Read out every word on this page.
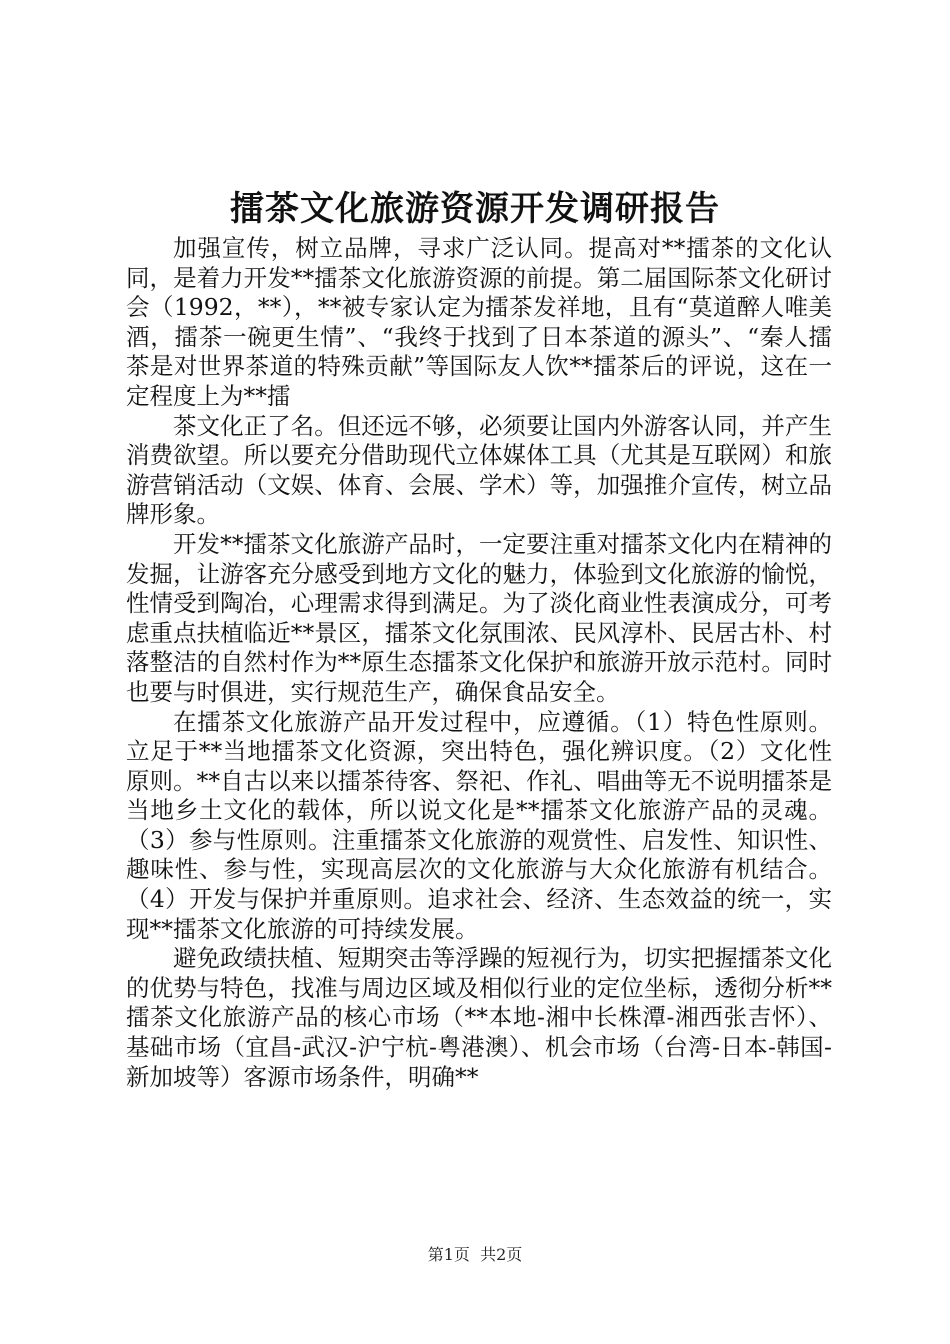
擂茶文化旅游资源开发调研报告

加强宣传，树立品牌，寻求广泛认同。提高对**擂茶的文化认同，是着力开发**擂茶文化旅游资源的前提。第二届国际茶文化研讨会（1992，**），**被专家认定为擂茶发祥地，且有“莫道醉人唯美酒，擂茶一碗更生情”、“我终于找到了日本茶道的源头”、“秦人擂茶是对世界茶道的特殊贡献”等国际友人饮**擂茶后的评说，这在一定程度上为**擂

茶文化正了名。但还远不够，必须要让国内外游客认同，并产生消费欲望。所以要充分借助现代立体媒体工具（尤其是互联网）和旅游营销活动（文娱、体育、会展、学术）等，加强推介宣传，树立品牌形象。

开发**擂茶文化旅游产品时，一定要注重对擂茶文化内在精神的发掘，让游客充分感受到地方文化的魅力，体验到文化旅游的愉悦，性情受到陶冶，心理需求得到满足。为了淡化商业性表演成分，可考虑重点扶植临近**景区，擂茶文化氛围浓、民风淳朴、民居古朴、村落整洁的自然村作为**原生态擂茶文化保护和旅游开放示范村。同时也要与时俱进，实行规范生产，确保食品安全。

在擂茶文化旅游产品开发过程中，应遵循。（1）特色性原则。立足于**当地擂茶文化资源，突出特色，强化辨识度。（2）文化性原则。**自古以来以擂茶待客、祭祀、作礼、唱曲等无不说明擂茶是当地乡土文化的载体，所以说文化是**擂茶文化旅游产品的灵魂。（3）参与性原则。注重擂茶文化旅游的观赏性、启发性、知识性、趣味性、参与性，实现高层次的文化旅游与大众化旅游有机结合。（4）开发与保护并重原则。追求社会、经济、生态效益的统一，实现**擂茶文化旅游的可持续发展。

避免政绩扶植、短期突击等浮躁的短视行为，切实把握擂茶文化的优势与特色，找准与周边区域及相似行业的定位坐标，透彻分析**擂茶文化旅游产品的核心市场（**本地-湘中长株潭-湘西张吉怀）、基础市场（宜昌-武汉-沪宁杭-粤港澳）、机会市场（台湾-日本-韩国-新加坡等）客源市场条件，明确**

第1页  共2页
